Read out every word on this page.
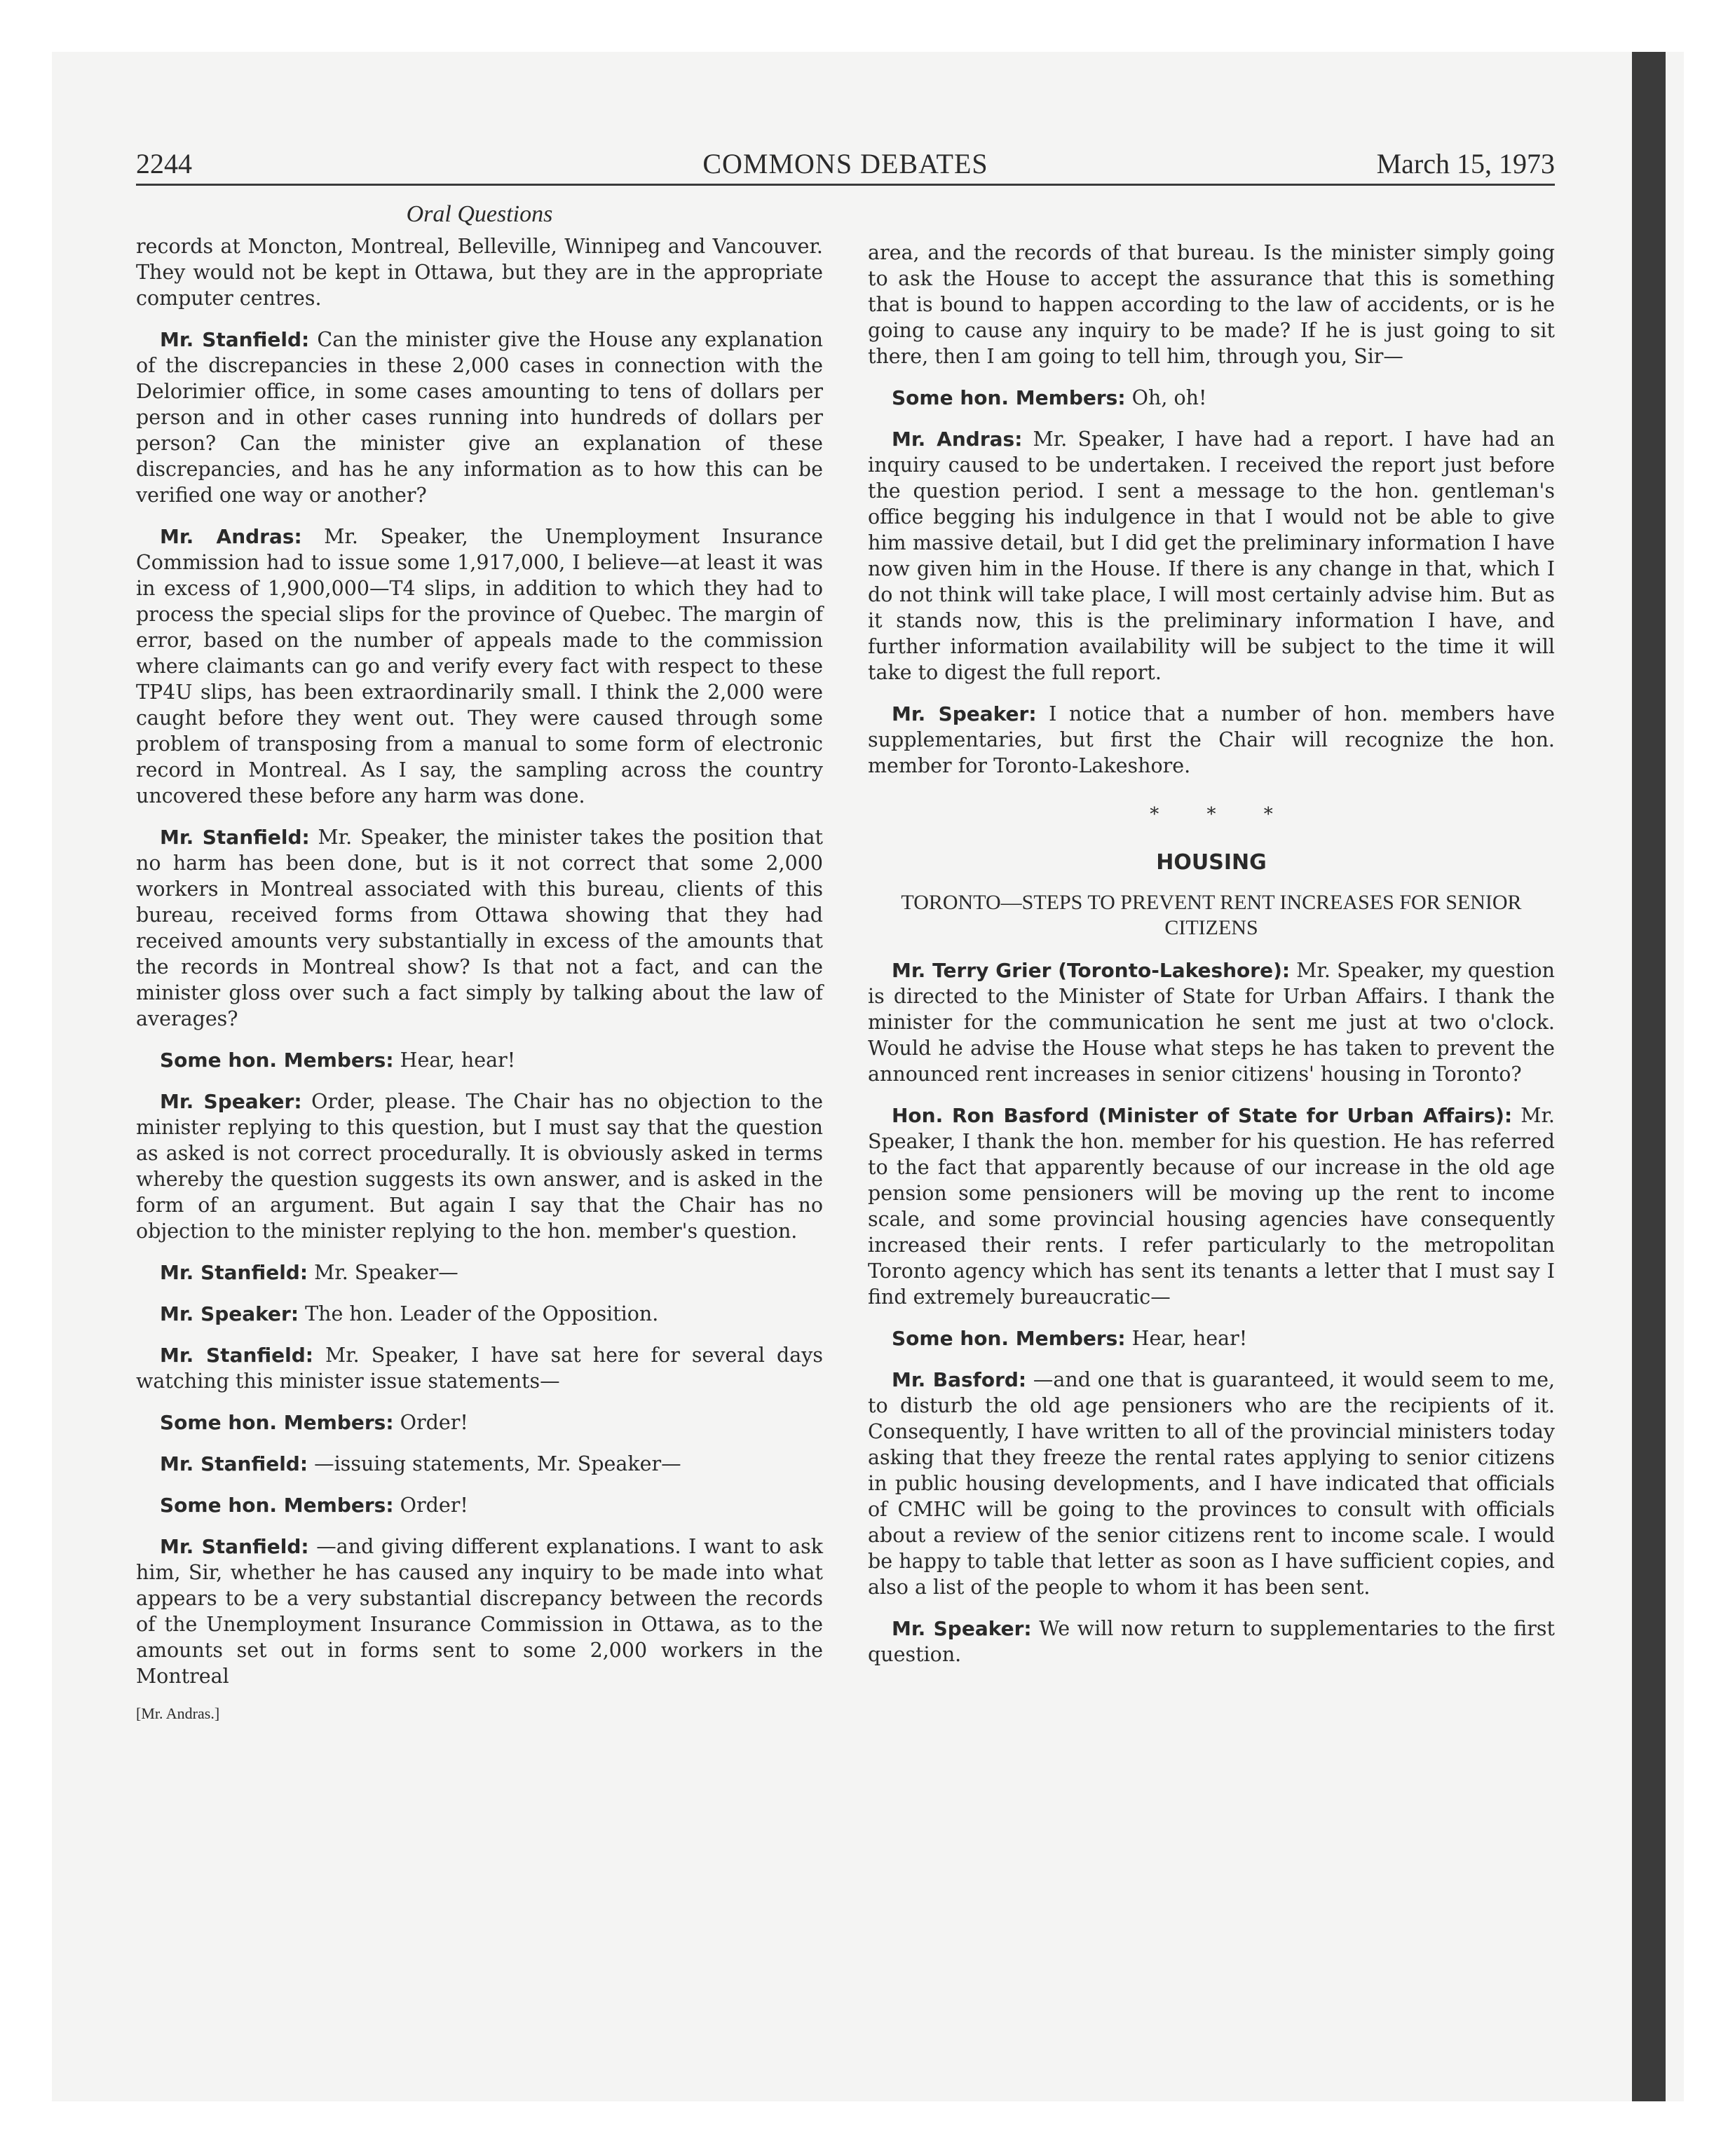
2244	COMMONS DEBATES	March 15, 1973
Oral Questions

records at Moncton, Montreal, Belleville, Winnipeg and Vancouver. They would not be kept in Ottawa, but they are in the appropriate computer centres.

Mr. Stanfield: Can the minister give the House any explanation of the discrepancies in these 2,000 cases in connection with the Delorimier office, in some cases amounting to tens of dollars per person and in other cases running into hundreds of dollars per person? Can the minister give an explanation of these discrepancies, and has he any information as to how this can be verified one way or another?

Mr. Andras: Mr. Speaker, the Unemployment Insurance Commission had to issue some 1,917,000, I believe—at least it was in excess of 1,900,000—T4 slips, in addition to which they had to process the special slips for the province of Quebec. The margin of error, based on the number of appeals made to the commission where claimants can go and verify every fact with respect to these TP4U slips, has been extraordinarily small. I think the 2,000 were caught before they went out. They were caused through some problem of transposing from a manual to some form of electronic record in Montreal. As I say, the sampling across the country uncovered these before any harm was done.

Mr. Stanfield: Mr. Speaker, the minister takes the position that no harm has been done, but is it not correct that some 2,000 workers in Montreal associated with this bureau, clients of this bureau, received forms from Ottawa showing that they had received amounts very substantially in excess of the amounts that the records in Montreal show? Is that not a fact, and can the minister gloss over such a fact simply by talking about the law of averages?

Some hon. Members: Hear, hear!

Mr. Speaker: Order, please. The Chair has no objection to the minister replying to this question, but I must say that the question as asked is not correct procedurally. It is obviously asked in terms whereby the question suggests its own answer, and is asked in the form of an argument. But again I say that the Chair has no objection to the minister replying to the hon. member's question.

Mr. Stanfield: Mr. Speaker—

Mr. Speaker: The hon. Leader of the Opposition.

Mr. Stanfield: Mr. Speaker, I have sat here for several days watching this minister issue statements—

Some hon. Members: Order!

Mr. Stanfield: —issuing statements, Mr. Speaker—

Some hon. Members: Order!

Mr. Stanfield: —and giving different explanations. I want to ask him, Sir, whether he has caused any inquiry to be made into what appears to be a very substantial discrepancy between the records of the Unemployment Insurance Commission in Ottawa, as to the amounts set out in forms sent to some 2,000 workers in the Montreal

[Mr. Andras.]

area, and the records of that bureau. Is the minister simply going to ask the House to accept the assurance that this is something that is bound to happen according to the law of accidents, or is he going to cause any inquiry to be made? If he is just going to sit there, then I am going to tell him, through you, Sir—

Some hon. Members: Oh, oh!

Mr. Andras: Mr. Speaker, I have had a report. I have had an inquiry caused to be undertaken. I received the report just before the question period. I sent a message to the hon. gentleman's office begging his indulgence in that I would not be able to give him massive detail, but I did get the preliminary information I have now given him in the House. If there is any change in that, which I do not think will take place, I will most certainly advise him. But as it stands now, this is the preliminary information I have, and further information availability will be subject to the time it will take to digest the full report.

Mr. Speaker: I notice that a number of hon. members have supplementaries, but first the Chair will recognize the hon. member for Toronto-Lakeshore.

* * *
HOUSING
TORONTO—STEPS TO PREVENT RENT INCREASES FOR SENIOR CITIZENS

Mr. Terry Grier (Toronto-Lakeshore): Mr. Speaker, my question is directed to the Minister of State for Urban Affairs. I thank the minister for the communication he sent me just at two o'clock. Would he advise the House what steps he has taken to prevent the announced rent increases in senior citizens' housing in Toronto?

Hon. Ron Basford (Minister of State for Urban Affairs): Mr. Speaker, I thank the hon. member for his question. He has referred to the fact that apparently because of our increase in the old age pension some pensioners will be moving up the rent to income scale, and some provincial housing agencies have consequently increased their rents. I refer particularly to the metropolitan Toronto agency which has sent its tenants a letter that I must say I find extremely bureaucratic—

Some hon. Members: Hear, hear!

Mr. Basford: —and one that is guaranteed, it would seem to me, to disturb the old age pensioners who are the recipients of it. Consequently, I have written to all of the provincial ministers today asking that they freeze the rental rates applying to senior citizens in public housing developments, and I have indicated that officials of CMHC will be going to the provinces to consult with officials about a review of the senior citizens rent to income scale. I would be happy to table that letter as soon as I have sufficient copies, and also a list of the people to whom it has been sent.

Mr. Speaker: We will now return to supplementaries to the first question.
